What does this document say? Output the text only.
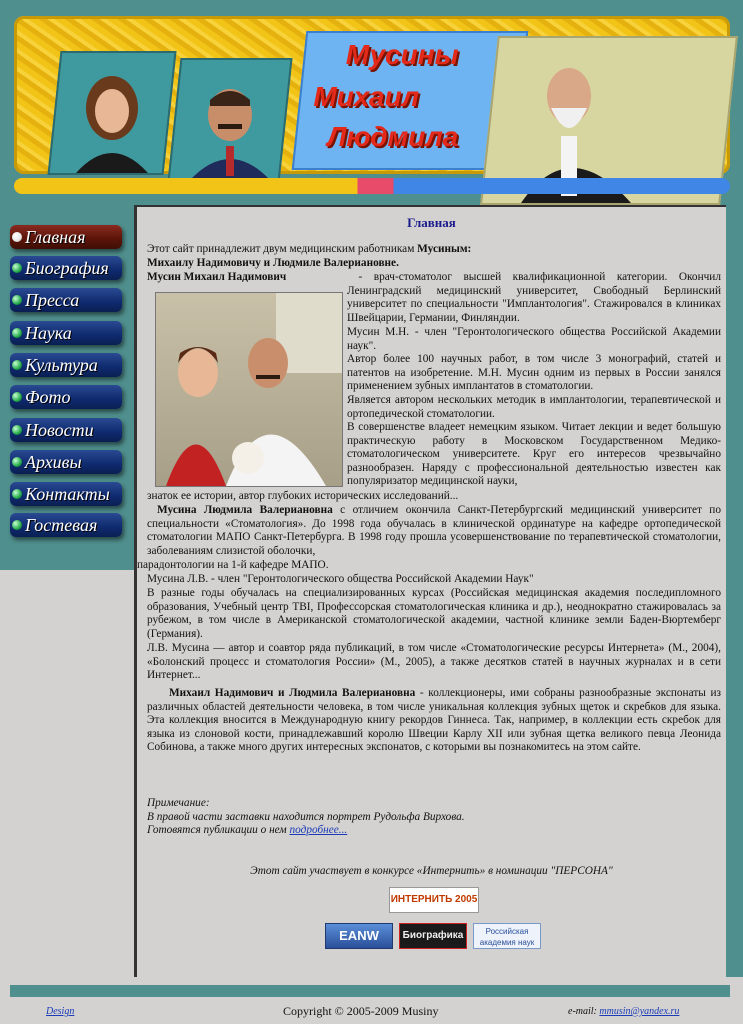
Мусины
Михаил
Людмила
Главная
Биография
Пресса
Наука
Культура
Фото
Новости
Архивы
Контакты
Гостевая
Главная

Этот сайт принадлежит двум медицинским работникам Мусиным:
Михаилу Надимовичу и Людмиле Валериановне.

Мусин Михаил Надимович	- врач-стоматолог высшей квалификационной категории. Окончил Ленинградский медицинский университет, Свободный Берлинский университет по специальности "Имплантология". Стажировался в клиниках Швейцарии, Германии, Финляндии.

Мусин М.Н. - член "Геронтологического общества Российской Академии наук".

Автор более 100 научных работ, в том числе 3 монографий, статей и патентов на изобретение. М.Н. Мусин одним из первых в России занялся применением зубных имплантатов в стоматологии.

Является автором нескольких методик в имплантологии, терапевтической и ортопедической стоматологии.

В совершенстве владеет немецким языком. Читает лекции и ведет большую практическую работу в Московском Государственном Медико-стоматологическом университете. Круг его интересов чрезвычайно разнообразен. Наряду с профессиональной деятельностью известен как популяризатор медицинской науки,

знаток ее истории, автор глубоких исторических исследований...

Мусина Людмила Валериановна с отличием окончила Санкт-Петербургский медицинский университет по специальности «Стоматология». До 1998 года обучалась в клинической ординатуре на кафедре ортопедической стоматологии МАПО Санкт-Петербурга. В 1998 году прошла усовершенствование по терапевтической стоматологии, заболеваниям слизистой оболочки,

парадонтологии на 1-й кафедре МАПО.

Мусина Л.В. - член "Геронтологического общества Российской Академии Наук"

В разные годы обучалась на специализированных курсах (Российская медицинская академия последипломного образования, Учебный центр TBI, Профессорская стоматологическая клиника и др.), неоднократно стажировалась за рубежом, в том числе в Американской стоматологической академии, частной клинике земли Баден-Вюртемберг (Германия).

Л.В. Мусина — автор и соавтор ряда публикаций, в том числе «Стоматологические ресурсы Интернета» (М., 2004), «Болонский процесс и стоматология России» (М., 2005), а также десятков статей в научных журналах и в сети Интернет...

Михаил Надимович и Людмила Валериановна - коллекционеры, ими собраны разнообразные экспонаты из различных областей деятельности человека, в том числе уникальная коллекция зубных щеток и скребков для языка. Эта коллекция вносится в Международную книгу рекордов Гиннеса. Так, например, в коллекции есть скребок для языка из слоновой кости, принадлежавший королю Швеции Карлу XII или зубная щетка великого певца Леонида Собинова, а также много других интересных экспонатов, с которыми вы познакомитесь на этом сайте.

Примечание:
В правой части заставки находится портрет Рудольфа Вирхова.
Готовятся публикации о нем подробнее...
Этот сайт участвует в конкурсе «Интернить» в номинации "ПЕРСОНА"
ИНТЕРНИТЬ 2005
EANW	Биографика	Российская академия наук
Design	Copyright © 2005-2009 Musiny	e-mail: mmusin@yandex.ru
